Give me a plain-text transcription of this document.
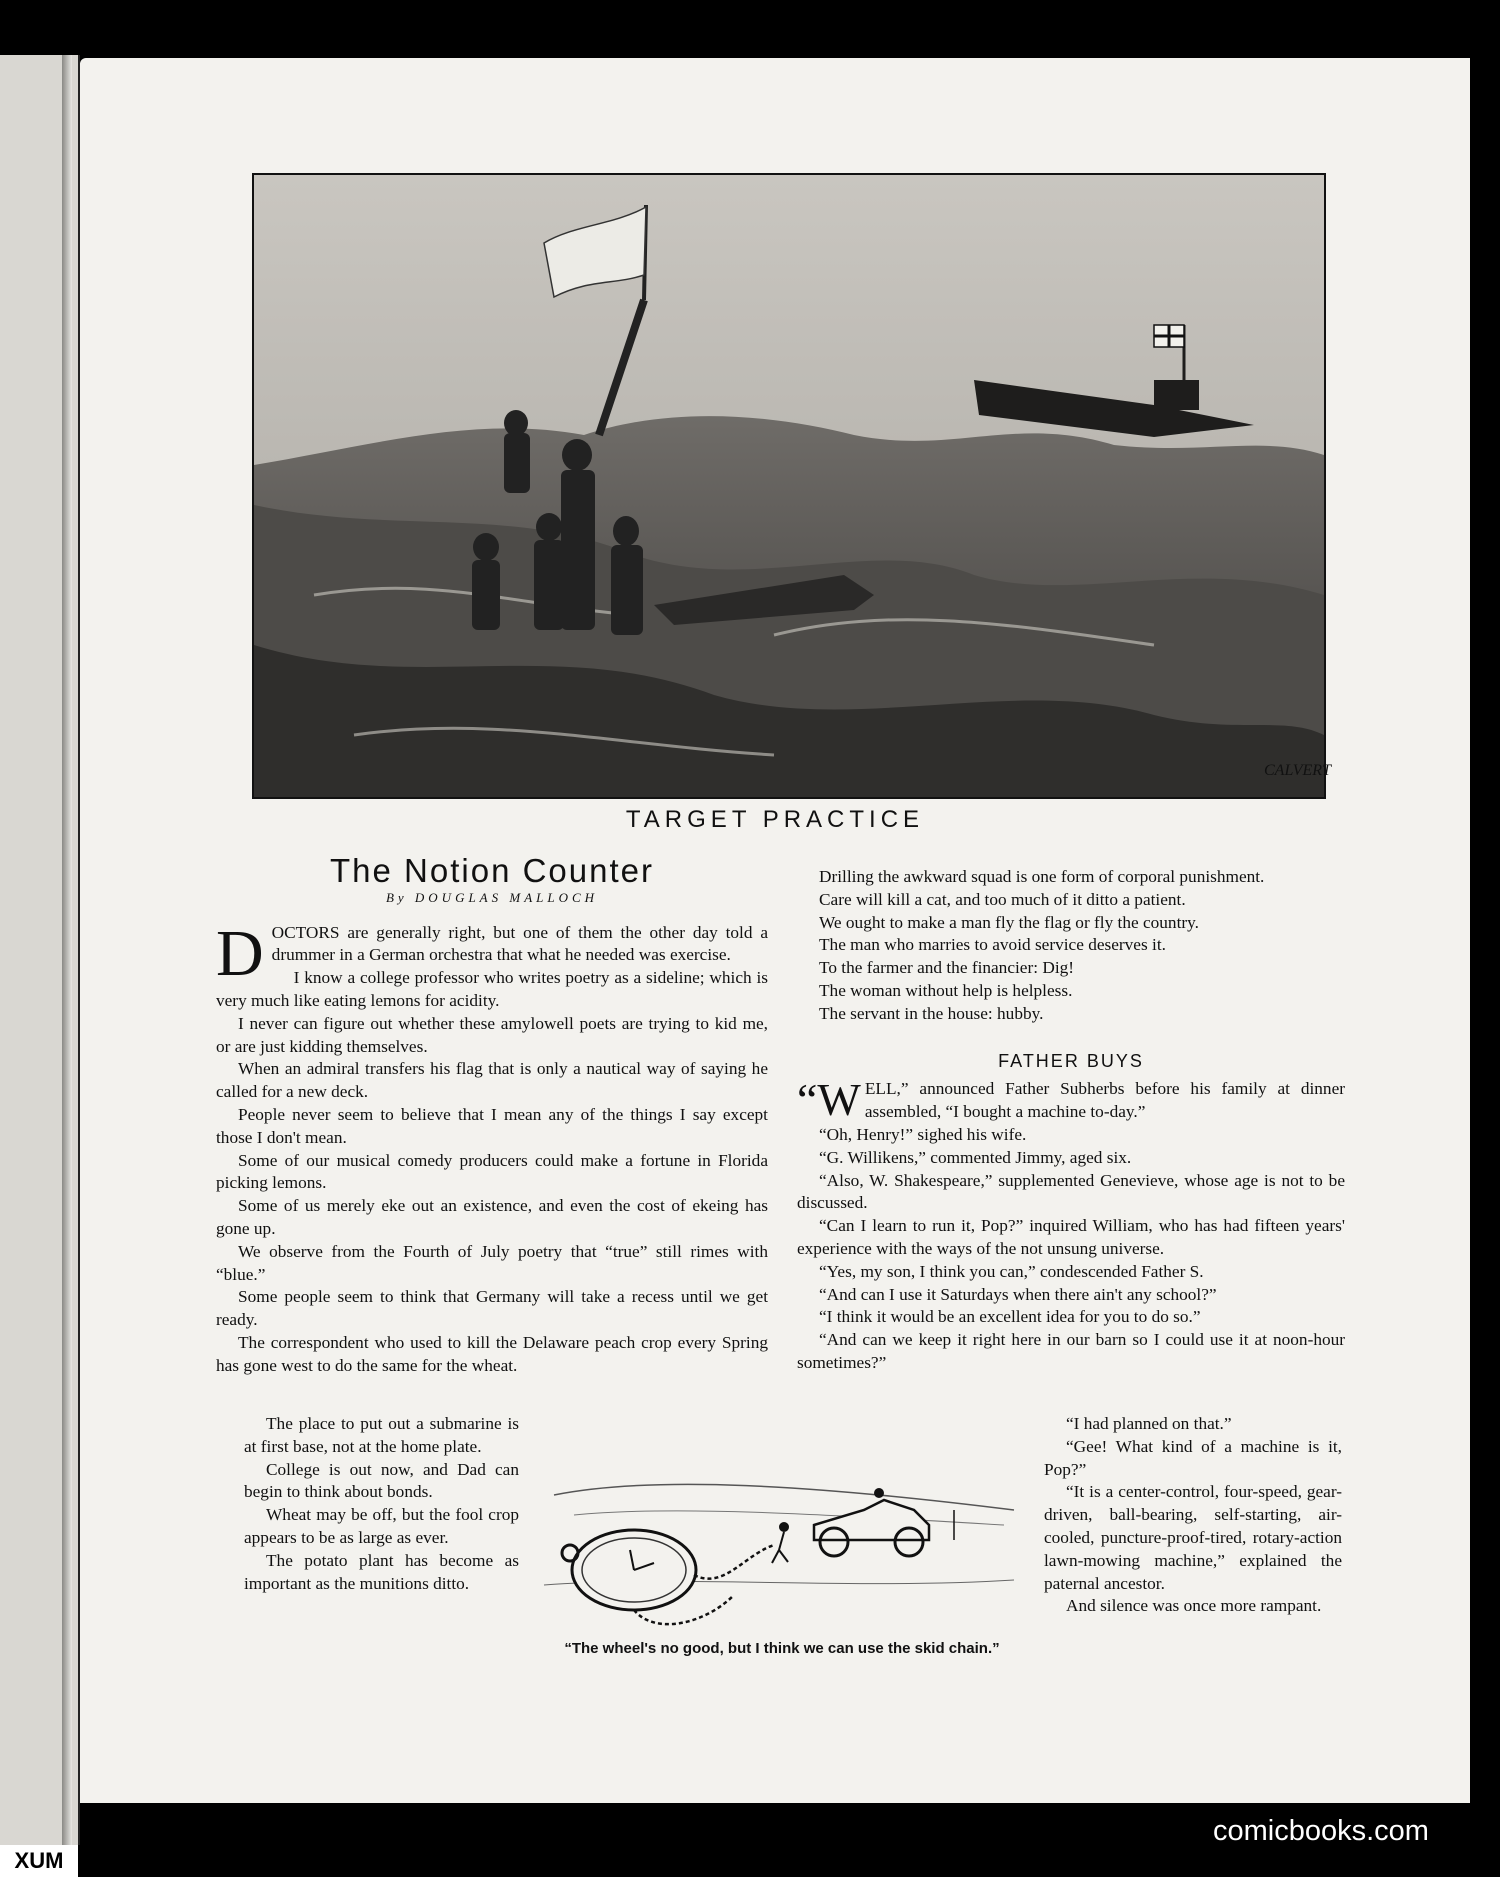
CALVERT
TARGET PRACTICE
The Notion Counter
By DOUGLAS MALLOCH

DOCTORS are generally right, but one of them the other day told a drummer in a German orchestra that what he needed was exercise.

I know a college professor who writes poetry as a sideline; which is very much like eating lemons for acidity.

I never can figure out whether these amylowell poets are trying to kid me, or are just kidding themselves.

When an admiral transfers his flag that is only a nautical way of saying he called for a new deck.

People never seem to believe that I mean any of the things I say except those I don't mean.

Some of our musical comedy producers could make a fortune in Florida picking lemons.

Some of us merely eke out an existence, and even the cost of ekeing has gone up.

We observe from the Fourth of July poetry that “true” still rimes with “blue.”

Some people seem to think that Germany will take a recess until we get ready.

The correspondent who used to kill the Delaware peach crop every Spring has gone west to do the same for the wheat.

The place to put out a submarine is at first base, not at the home plate.

College is out now, and Dad can begin to think about bonds.

Wheat may be off, but the fool crop appears to be as large as ever.

The potato plant has become as important as the munitions ditto.

Drilling the awkward squad is one form of corporal punishment.

Care will kill a cat, and too much of it ditto a patient.

We ought to make a man fly the flag or fly the country.

The man who marries to avoid service deserves it.

To the farmer and the financier: Dig!

The woman without help is helpless.

The servant in the house: hubby.

FATHER BUYS

“WELL,” announced Father Subherbs before his family at dinner assembled, “I bought a machine to-day.”

“Oh, Henry!” sighed his wife.

“G. Willikens,” commented Jimmy, aged six.

“Also, W. Shakespeare,” supplemented Genevieve, whose age is not to be discussed.

“Can I learn to run it, Pop?” inquired William, who has had fifteen years' experience with the ways of the not unsung universe.

“Yes, my son, I think you can,” condescended Father S.

“And can I use it Saturdays when there ain't any school?”

“I think it would be an excellent idea for you to do so.”

“And can we keep it right here in our barn so I could use it at noon-hour sometimes?”

“I had planned on that.”

“Gee! What kind of a machine is it, Pop?”

“It is a center-control, four-speed, gear-driven, ball-bearing, self-starting, air-cooled, puncture-proof-tired, rotary-action lawn-mowing machine,” explained the paternal ancestor.

And silence was once more rampant.

“The wheel's no good, but I think we can use the skid chain.”
XUM
comicbooks.com
